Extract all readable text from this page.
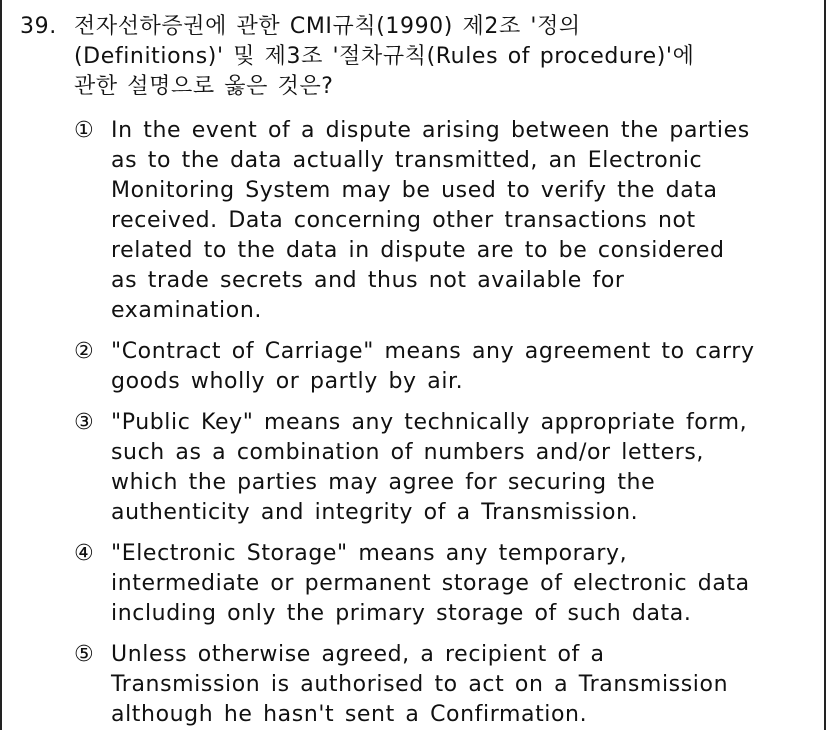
39. 전자선하증권에 관한 CMI규칙(1990) 제2조 '정의
(Definitions)' 및 제3조 '절차규칙(Rules of procedure)'에
관한 설명으로 옳은 것은?
① In the event of a dispute arising between the parties
as to the data actually transmitted, an Electronic
Monitoring System may be used to verify the data
received. Data concerning other transactions not
related to the data in dispute are to be considered
as trade secrets and thus not available for
examination.
② "Contract of Carriage" means any agreement to carry
goods wholly or partly by air.
③ "Public Key" means any technically appropriate form,
such as a combination of numbers and/or letters,
which the parties may agree for securing the
authenticity and integrity of a Transmission.
④ "Electronic Storage" means any temporary,
intermediate or permanent storage of electronic data
including only the primary storage of such data.
⑤ Unless otherwise agreed, a recipient of a
Transmission is authorised to act on a Transmission
although he hasn't sent a Confirmation.
